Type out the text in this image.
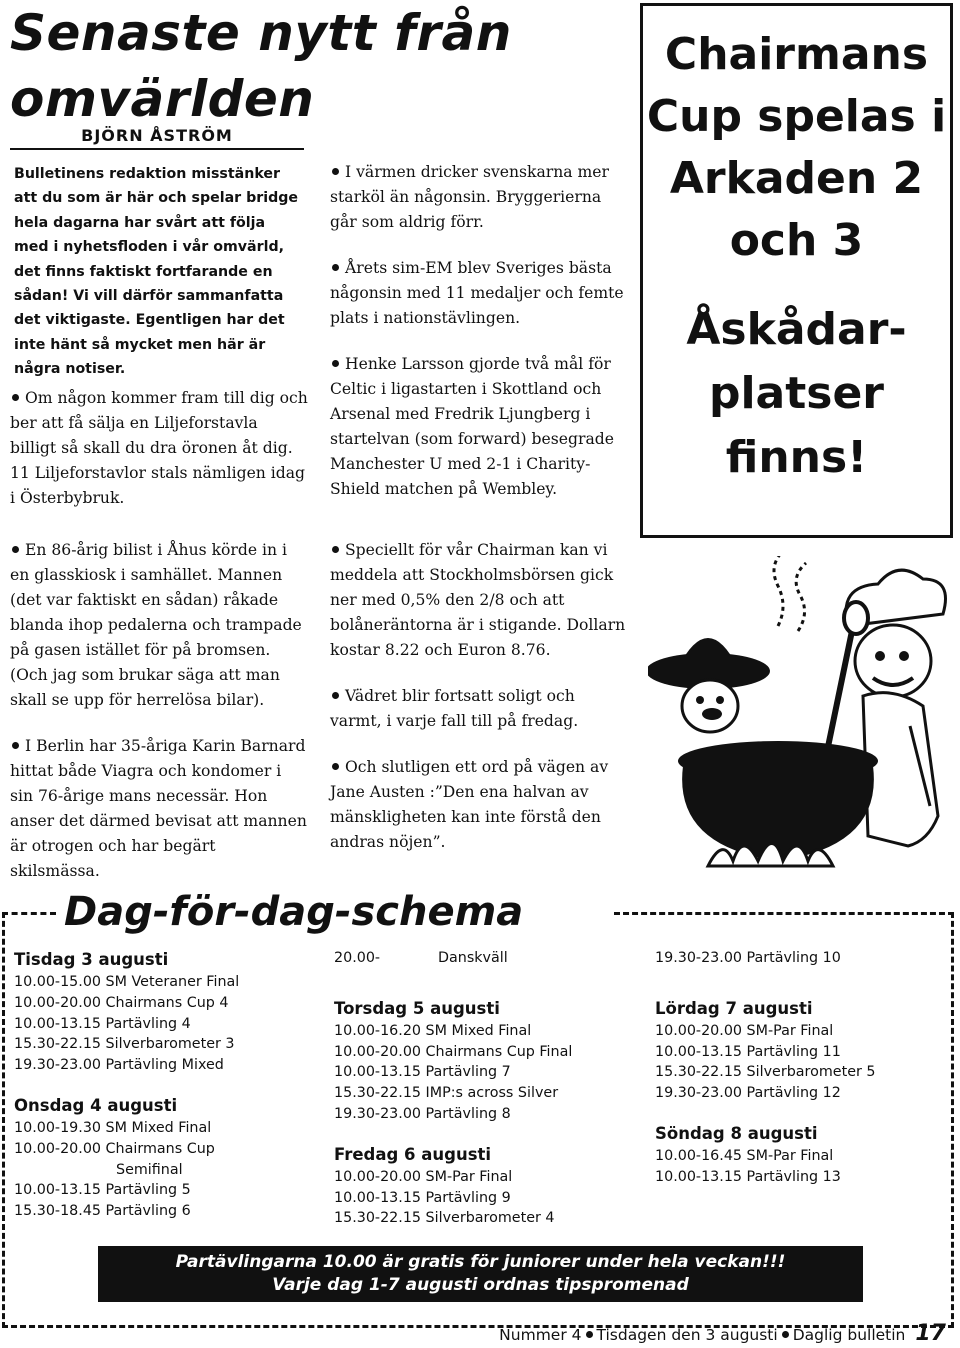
Senaste nytt från omvärlden
BJÖRN ÅSTRÖM
Bulletinens redaktion misstänker att du som är här och spelar bridge hela dagarna har svårt att följa med i nyhetsfloden i vår omvärld, det finns faktiskt fortfarande en sådan! Vi vill därför sammanfatta det viktigaste. Egentligen har det inte hänt så mycket men här är några notiser.

Om någon kommer fram till dig och ber att få sälja en Liljeforstavla billigt så skall du dra öronen åt dig. 11 Liljeforstavlor stals nämligen idag i Österbybruk.

En 86-årig bilist i Åhus körde in i en glasskiosk i samhället. Mannen (det var faktiskt en sådan) råkade blanda ihop pedalerna och trampade på gasen istället för på bromsen. (Och jag som brukar säga att man skall se upp för herrelösa bilar).

I Berlin har 35-åriga Karin Barnard hittat både Viagra och kondomer i sin 76-årige mans necessär. Hon anser det därmed bevisat att mannen är otrogen och har begärt skilsmässa.

I värmen dricker svenskarna mer starköl än någonsin. Bryggerierna går som aldrig förr.

Årets sim-EM blev Sveriges bästa någonsin med 11 medaljer och femte plats i nationstävlingen.

Henke Larsson gjorde två mål för Celtic i ligastarten i Skottland och Arsenal med Fredrik Ljungberg i startelvan (som forward) besegrade Manchester U med 2-1 i Charity-Shield matchen på Wembley.

Speciellt för vår Chairman kan vi meddela att Stockholmsbörsen gick ner med 0,5% den 2/8 och att bolåneräntorna är i stigande. Dollarn kostar 8.22 och Euron 8.76.

Vädret blir fortsatt soligt och varmt, i varje fall till på fredag.

Och slutligen ett ord på vägen av Jane Austen :”Den ena halvan av mänskligheten kan inte förstå den andras nöjen”.

Chairmans Cup spelas i Arkaden 2 och 3
Åskådar-platser finns!
Dag-för-dag-schema
Tisdag 3 augusti
10.00-15.00 SM Veteraner Final
10.00-20.00 Chairmans Cup 4
10.00-13.15 Partävling 4
15.30-22.15 Silverbarometer 3
19.30-23.00 Partävling Mixed
Onsdag 4 augusti
10.00-19.30 SM Mixed Final
10.00-20.00 Chairmans Cup
Semifinal
10.00-13.15 Partävling 5
15.30-18.45 Partävling 6
20.00-	Danskväll
Torsdag 5 augusti
10.00-16.20 SM Mixed Final
10.00-20.00 Chairmans Cup Final
10.00-13.15 Partävling 7
15.30-22.15 IMP:s across Silver
19.30-23.00 Partävling 8
Fredag 6 augusti
10.00-20.00 SM-Par Final
10.00-13.15 Partävling 9
15.30-22.15 Silverbarometer 4
19.30-23.00 Partävling 10
Lördag 7 augusti
10.00-20.00 SM-Par Final
10.00-13.15 Partävling 11
15.30-22.15 Silverbarometer 5
19.30-23.00 Partävling 12
Söndag 8 augusti
10.00-16.45 SM-Par Final
10.00-13.15 Partävling 13
Partävlingarna 10.00 är gratis för juniorer under hela veckan!!!
Varje dag 1-7 augusti ordnas tipspromenad
Nummer 4 Tisdagen den 3 augusti Daglig bulletin 17
